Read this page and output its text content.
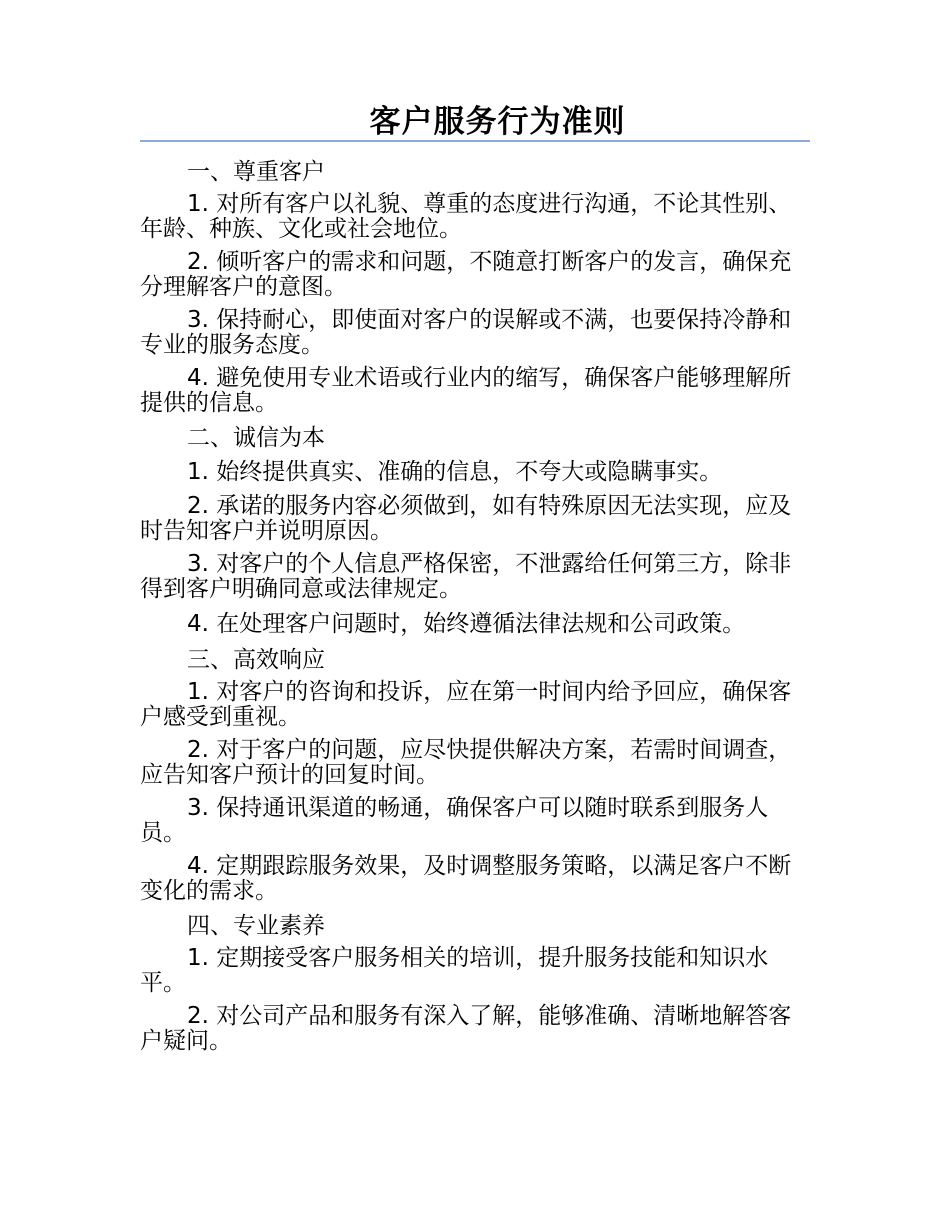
客户服务行为准则
一、尊重客户
1. 对所有客户以礼貌、尊重的态度进行沟通，不论其性别、年龄、种族、文化或社会地位。
2. 倾听客户的需求和问题，不随意打断客户的发言，确保充分理解客户的意图。
3. 保持耐心，即使面对客户的误解或不满，也要保持冷静和专业的服务态度。
4. 避免使用专业术语或行业内的缩写，确保客户能够理解所提供的信息。
二、诚信为本
1. 始终提供真实、准确的信息，不夸大或隐瞒事实。
2. 承诺的服务内容必须做到，如有特殊原因无法实现，应及时告知客户并说明原因。
3. 对客户的个人信息严格保密，不泄露给任何第三方，除非得到客户明确同意或法律规定。
4. 在处理客户问题时，始终遵循法律法规和公司政策。
三、高效响应
1. 对客户的咨询和投诉，应在第一时间内给予回应，确保客户感受到重视。
2. 对于客户的问题，应尽快提供解决方案，若需时间调查，应告知客户预计的回复时间。
3. 保持通讯渠道的畅通，确保客户可以随时联系到服务人员。
4. 定期跟踪服务效果，及时调整服务策略，以满足客户不断变化的需求。
四、专业素养
1. 定期接受客户服务相关的培训，提升服务技能和知识水平。
2. 对公司产品和服务有深入了解，能够准确、清晰地解答客户疑问。
